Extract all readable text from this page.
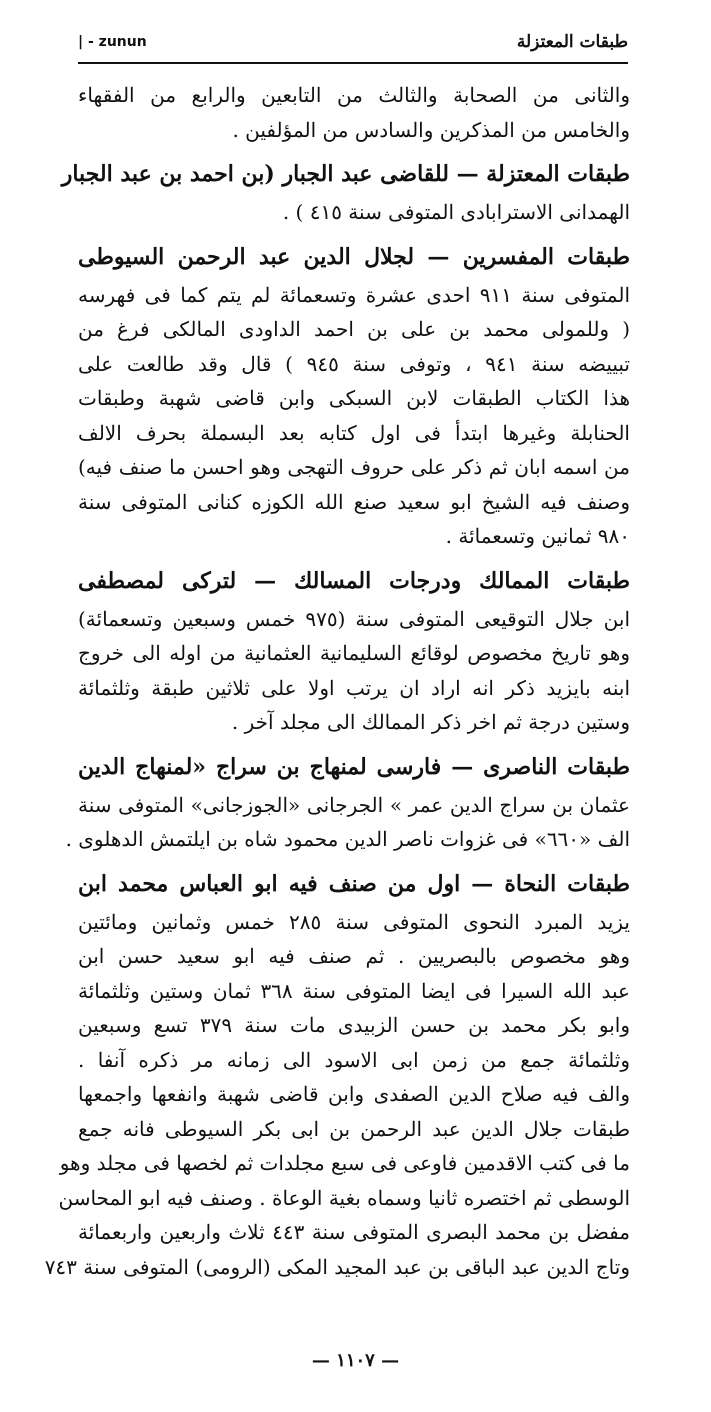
طبقات المعتزلة
| - zunun
والثانى من الصحابة والثالث من التابعين والرابع من الفقهاء
والخامس من المذكرين والسادس من المؤلفين .
طبقات المعتزلة — للقاضى عبد الجبار (بن احمد بن عبد الجبار
الهمدانى الاسترابادى المتوفى سنة ٤١٥ ) .
طبقات المفسرين — لجلال الدين عبد الرحمن السيوطى
المتوفى سنة ٩١١ احدى عشرة وتسعمائة لم يتم كما فى فهرسه
( وللمولى محمد بن على بن احمد الداودى المالكى فرغ من
تبييضه سنة ٩٤١ ، وتوفى سنة ٩٤٥ ) قال وقد طالعت على
هذا الكتاب الطبقات لابن السبكى وابن قاضى شهبة وطبقات
الحنابلة وغيرها ابتدأ فى اول كتابه بعد البسملة بحرف الالف
من اسمه ابان ثم ذكر على حروف التهجى وهو احسن ما صنف فيه)
وصنف فيه الشيخ ابو سعيد صنع الله الكوزه كنانى المتوفى سنة
٩٨٠ ثمانين وتسعمائة .
طبقات الممالك ودرجات المسالك — لتركى لمصطفى
ابن جلال التوقيعى المتوفى سنة (٩٧٥ خمس وسبعين وتسعمائة)
وهو تاريخ مخصوص لوقائع السليمانية العثمانية من اوله الى خروج
ابنه بايزيد ذكر انه اراد ان يرتب اولا على ثلاثين طبقة وثلثمائة
وستين درجة ثم اخر ذكر الممالك الى مجلد آخر .
طبقات الناصرى — فارسى لمنهاج بن سراج «لمنهاج الدين
عثمان بن سراج الدين عمر » الجرجانى «الجوزجانى» المتوفى سنة
الف «٦٦٠» فى غزوات ناصر الدين محمود شاه بن ايلتمش الدهلوى .
طبقات النحاة — اول من صنف فيه ابو العباس محمد ابن
يزيد المبرد النحوى المتوفى سنة ٢٨٥ خمس وثمانين ومائتين
وهو مخصوص بالبصريين . ثم صنف فيه ابو سعيد حسن ابن
عبد الله السيرا فى ايضا المتوفى سنة ٣٦٨ ثمان وستين وثلثمائة
وابو بكر محمد بن حسن الزبيدى مات سنة ٣٧٩ تسع وسبعين
وثلثمائة جمع من زمن ابى الاسود الى زمانه مر ذكره آنفا .
والف فيه صلاح الدين الصفدى وابن قاضى شهبة وانفعها واجمعها
طبقات جلال الدين عبد الرحمن بن ابى بكر السيوطى فانه جمع
ما فى كتب الاقدمين فاوعى فى سبع مجلدات ثم لخصها فى مجلد وهو
الوسطى ثم اختصره ثانيا وسماه بغية الوعاة . وصنف فيه ابو المحاسن
مفضل بن محمد البصرى المتوفى سنة ٤٤٣ ثلاث واربعين واربعمائة
وتاج الدين عبد الباقى بن عبد المجيد المكى (الرومى) المتوفى سنة ٧٤٣
— ١١٠٧ —
